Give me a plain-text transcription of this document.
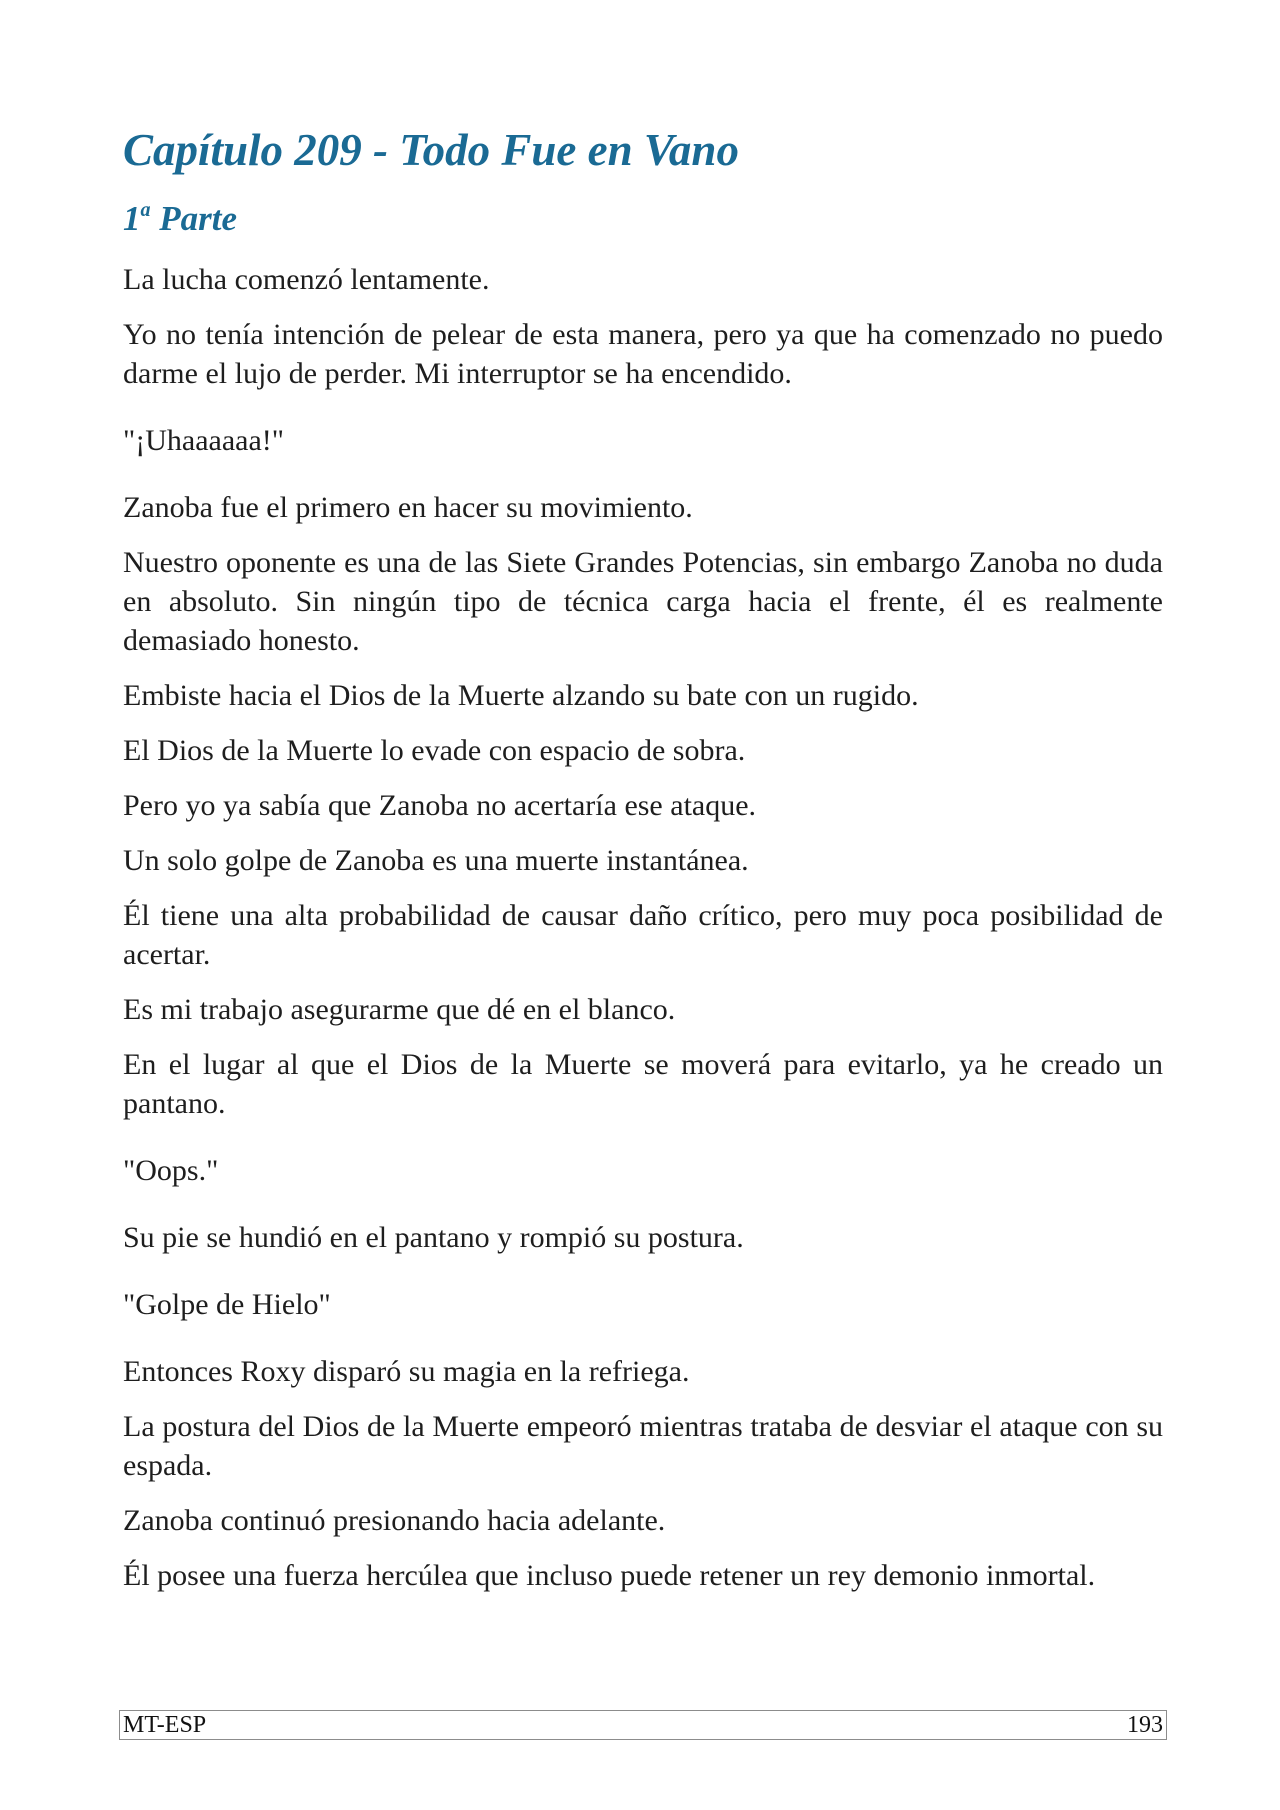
Capítulo 209 - Todo Fue en Vano
1$^a$ Parte

La lucha comenzó lentamente.

Yo no tenía intención de pelear de esta manera, pero ya que ha comenzado no puedo darme el lujo de perder. Mi interruptor se ha encendido.

"¡Uhaaaaaa!"

Zanoba fue el primero en hacer su movimiento.

Nuestro oponente es una de las Siete Grandes Potencias, sin embargo Zanoba no duda en absoluto. Sin ningún tipo de técnica carga hacia el frente, él es realmente demasiado honesto.

Embiste hacia el Dios de la Muerte alzando su bate con un rugido.

El Dios de la Muerte lo evade con espacio de sobra.

Pero yo ya sabía que Zanoba no acertaría ese ataque.

Un solo golpe de Zanoba es una muerte instantánea.

Él tiene una alta probabilidad de causar daño crítico, pero muy poca posibilidad de acertar.

Es mi trabajo asegurarme que dé en el blanco.

En el lugar al que el Dios de la Muerte se moverá para evitarlo, ya he creado un pantano.

"Oops."

Su pie se hundió en el pantano y rompió su postura.

"Golpe de Hielo"

Entonces Roxy disparó su magia en la refriega.

La postura del Dios de la Muerte empeoró mientras trataba de desviar el ataque con su espada.

Zanoba continuó presionando hacia adelante.

Él posee una fuerza hercúlea que incluso puede retener un rey demonio inmortal.

MT-ESP	193
